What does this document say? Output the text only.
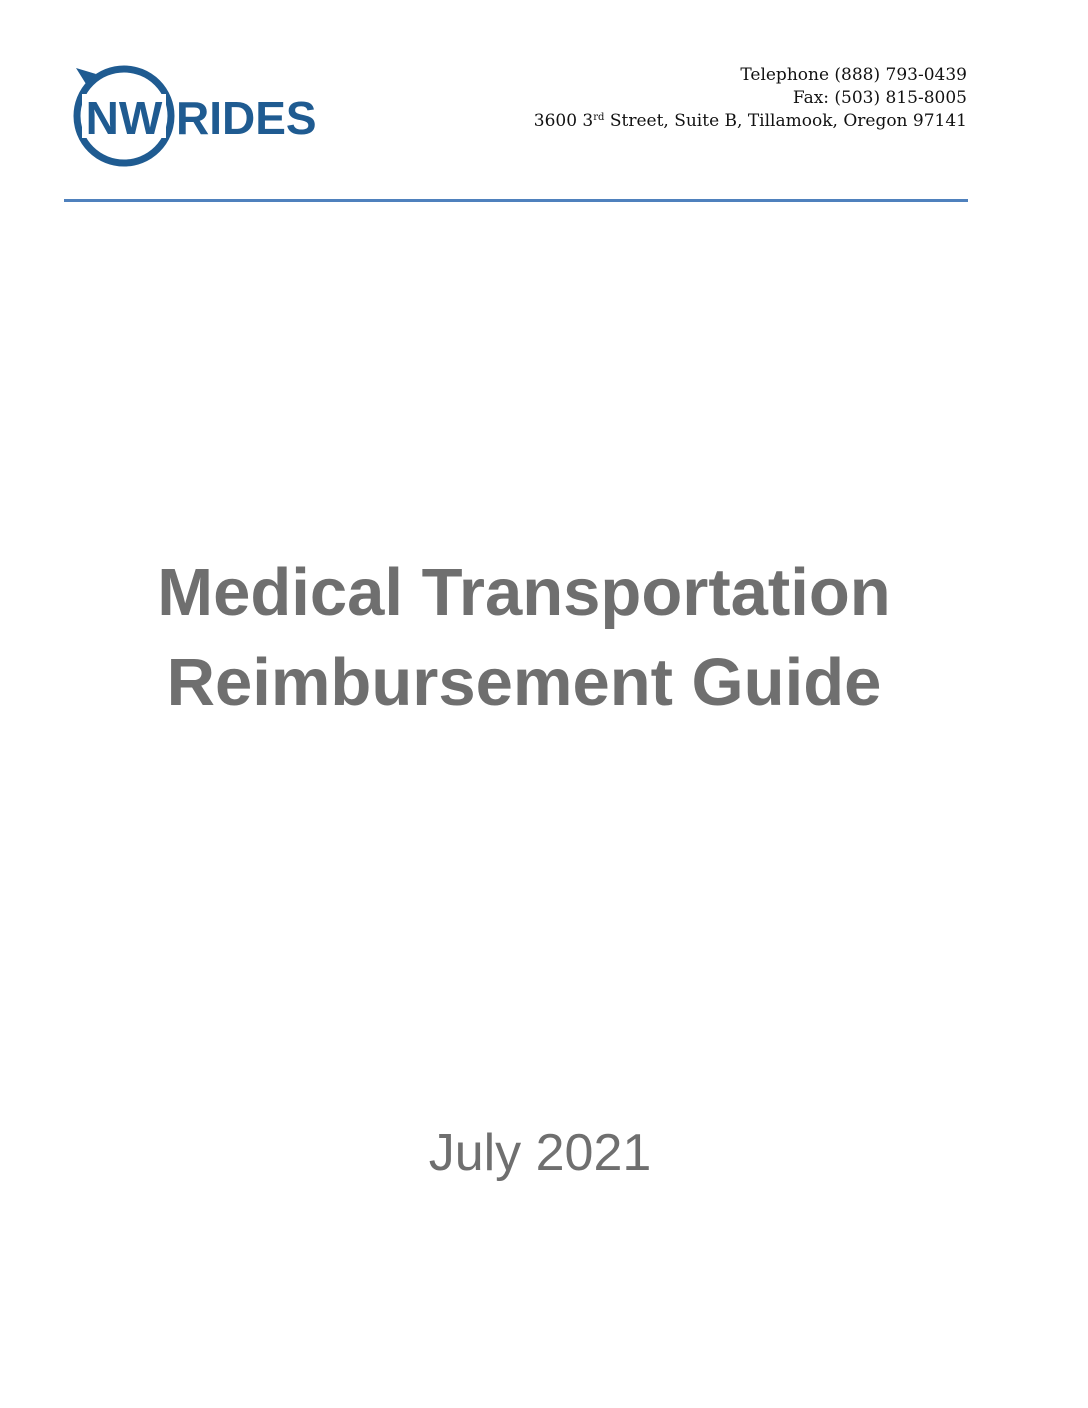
NW RIDES
Telephone (888) 793-0439
Fax: (503) 815-8005
3600 3rd Street, Suite B, Tillamook, Oregon 97141
Medical Transportation
Reimbursement Guide
July 2021
